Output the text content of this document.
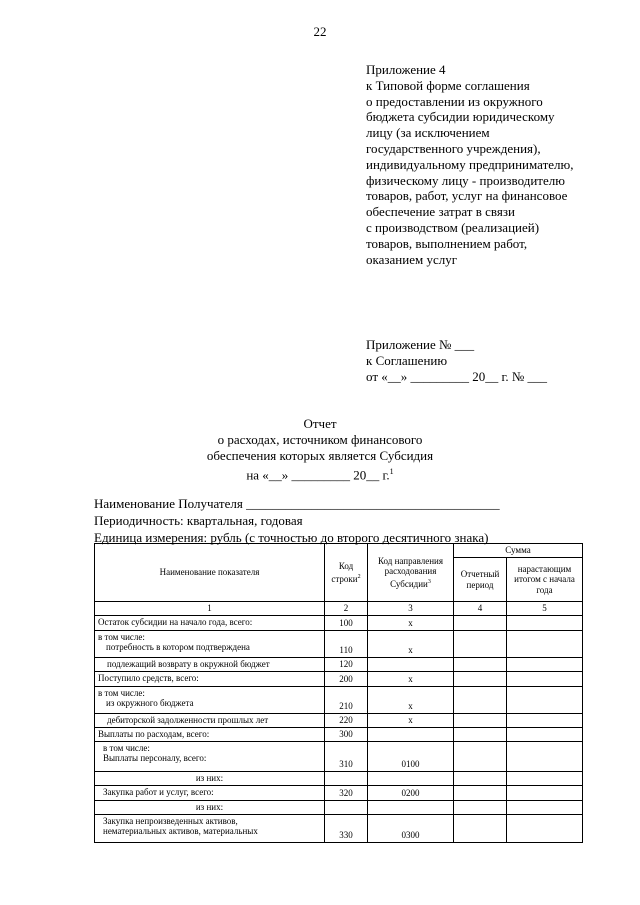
22
Приложение 4
к Типовой форме соглашения
о предоставлении из окружного
бюджета субсидии юридическому
лицу (за исключением
государственного учреждения),
индивидуальному предпринимателю,
физическому лицу - производителю
товаров, работ, услуг на финансовое
обеспечение затрат в связи
с производством (реализацией)
товаров, выполнением работ,
оказанием услуг
Приложение № ___
к Соглашению
от «__» _________ 20__ г. № ___
Отчет
о расходах, источником финансового
обеспечения которых является Субсидия
на «__» _________ 20__ г.$^1$
Наименование Получателя _______________________________________
Периодичность: квартальная, годовая
Единица измерения: рубль (с точностью до второго десятичного знака)
Наименование показателя	Код строки$^2$	Код направления расходования Субсидии$^3$	Сумма	
			Отчетный период	нарастающим итогом с начала года
1	2	3	4	5
Остаток субсидии на начало года, всего:	100	x		

в том числе:
потребность в котором подтверждена	110	x		
подлежащий возврату в окружной бюджет	120			
Поступило средств, всего:	200	x		

в том числе:
из окружного бюджета	210	x		
дебиторской задолженности прошлых лет	220	x		
Выплаты по расходам, всего:	300			

в том числе:
Выплаты персоналу, всего:	310	0100		
из них:				
Закупка работ и услуг, всего:	320	0200		
из них:				

Закупка непроизведенных активов,
нематериальных активов, материальных	330	0300		
